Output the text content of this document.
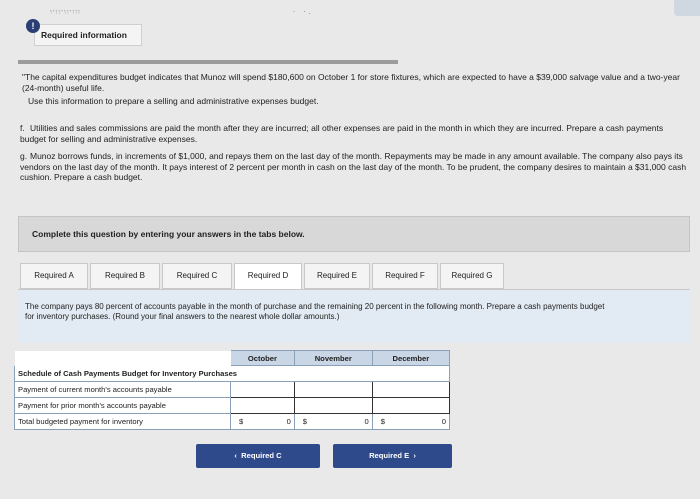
ווויוויוויו	· ·.
Required information
!
"The capital expenditures budget indicates that Munoz will spend $180,600 on October 1 for store fixtures, which are expected to have a $39,000 salvage value and a two-year (24-month) useful life.
Use this information to prepare a selling and administrative expenses budget.
f. Utilities and sales commissions are paid the month after they are incurred; all other expenses are paid in the month in which they are incurred. Prepare a cash payments budget for selling and administrative expenses.
g. Munoz borrows funds, in increments of $1,000, and repays them on the last day of the month. Repayments may be made in any amount available. The company also pays its vendors on the last day of the month. It pays interest of 2 percent per month in cash on the last day of the month. To be prudent, the company desires to maintain a $31,000 cash cushion. Prepare a cash budget.
Complete this question by entering your answers in the tabs below.
Required A	Required B	Required C	Required D	Required E	Required F	Required G

The company pays 80 percent of accounts payable in the month of purchase and the remaining 20 percent in the following month. Prepare a cash payments budget for inventory purchases. (Round your final answers to the nearest whole dollar amounts.)

	October	November	December
Schedule of Cash Payments Budget for Inventory Purchases			
Payment of current month's accounts payable			
Payment for prior month's accounts payable			
Total budgeted payment for inventory	$ 0	$ 0	$ 0
‹ Required C	Required E ›
